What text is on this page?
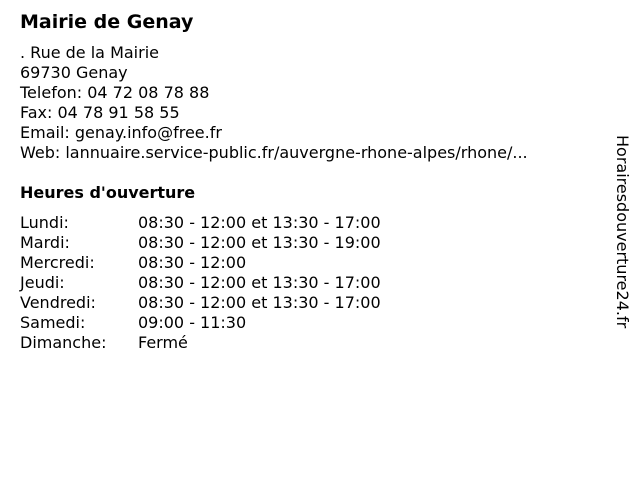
Mairie de Genay
. Rue de la Mairie
69730 Genay
Telefon: 04 72 08 78 88
Fax: 04 78 91 58 55
Email: genay.info@free.fr
Web: lannuaire.service-public.fr/auvergne-rhone-alpes/rhone/...
Heures d'ouverture
Lundi:	08:30 - 12:00 et 13:30 - 17:00
Mardi:	08:30 - 12:00 et 13:30 - 19:00
Mercredi:	08:30 - 12:00
Jeudi:	08:30 - 12:00 et 13:30 - 17:00
Vendredi:	08:30 - 12:00 et 13:30 - 17:00
Samedi:	09:00 - 11:30
Dimanche:	Fermé
Horairesdouverture24.fr
